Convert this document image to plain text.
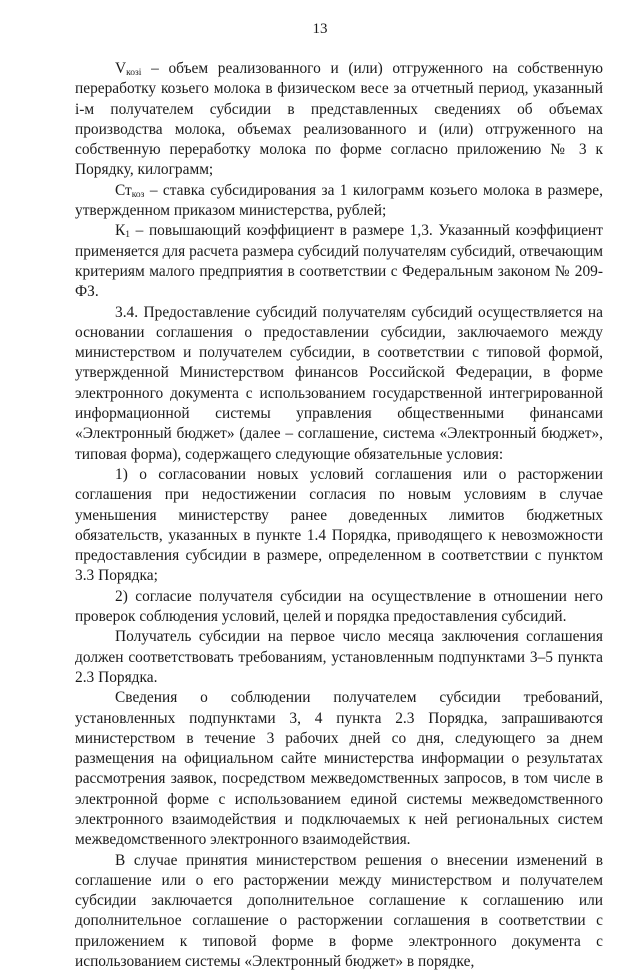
13

$V_{козі}$ – объем реализованного и (или) отгруженного на собственную переработку козьего молока в физическом весе за отчетный период, указанный і-м получателем субсидии в представленных сведениях об объемах производства молока, объемах реализованного и (или) отгруженного на собственную переработку молока по форме согласно приложению № 3 к Порядку, килограмм;

$Ст_{коз}$ – ставка субсидирования за 1 килограмм козьего молока в размере, утвержденном приказом министерства, рублей;

$К_1$ – повышающий коэффициент в размере 1,3. Указанный коэффициент применяется для расчета размера субсидий получателям субсидий, отвечающим критериям малого предприятия в соответствии с Федеральным законом № 209-ФЗ.

3.4. Предоставление субсидий получателям субсидий осуществляется на основании соглашения о предоставлении субсидии, заключаемого между министерством и получателем субсидии, в соответствии с типовой формой, утвержденной Министерством финансов Российской Федерации, в форме электронного документа с использованием государственной интегрированной информационной системы управления общественными финансами «Электронный бюджет» (далее – соглашение, система «Электронный бюджет», типовая форма), содержащего следующие обязательные условия:

1) о согласовании новых условий соглашения или о расторжении соглашения при недостижении согласия по новым условиям в случае уменьшения министерству ранее доведенных лимитов бюджетных обязательств, указанных в пункте 1.4 Порядка, приводящего к невозможности предоставления субсидии в размере, определенном в соответствии с пунктом 3.3 Порядка;

2) согласие получателя субсидии на осуществление в отношении него проверок соблюдения условий, целей и порядка предоставления субсидий.

Получатель субсидии на первое число месяца заключения соглашения должен соответствовать требованиям, установленным подпунктами 3–5 пункта 2.3 Порядка.

Сведения о соблюдении получателем субсидии требований, установленных подпунктами 3, 4 пункта 2.3 Порядка, запрашиваются министерством в течение 3 рабочих дней со дня, следующего за днем размещения на официальном сайте министерства информации о результатах рассмотрения заявок, посредством межведомственных запросов, в том числе в электронной форме с использованием единой системы межведомственного электронного взаимодействия и подключаемых к ней региональных систем межведомственного электронного взаимодействия.

В случае принятия министерством решения о внесении изменений в соглашение или о его расторжении между министерством и получателем субсидии заключается дополнительное соглашение к соглашению или дополнительное соглашение о расторжении соглашения в соответствии с приложением к типовой форме в форме электронного документа с использованием системы «Электронный бюджет» в порядке,
